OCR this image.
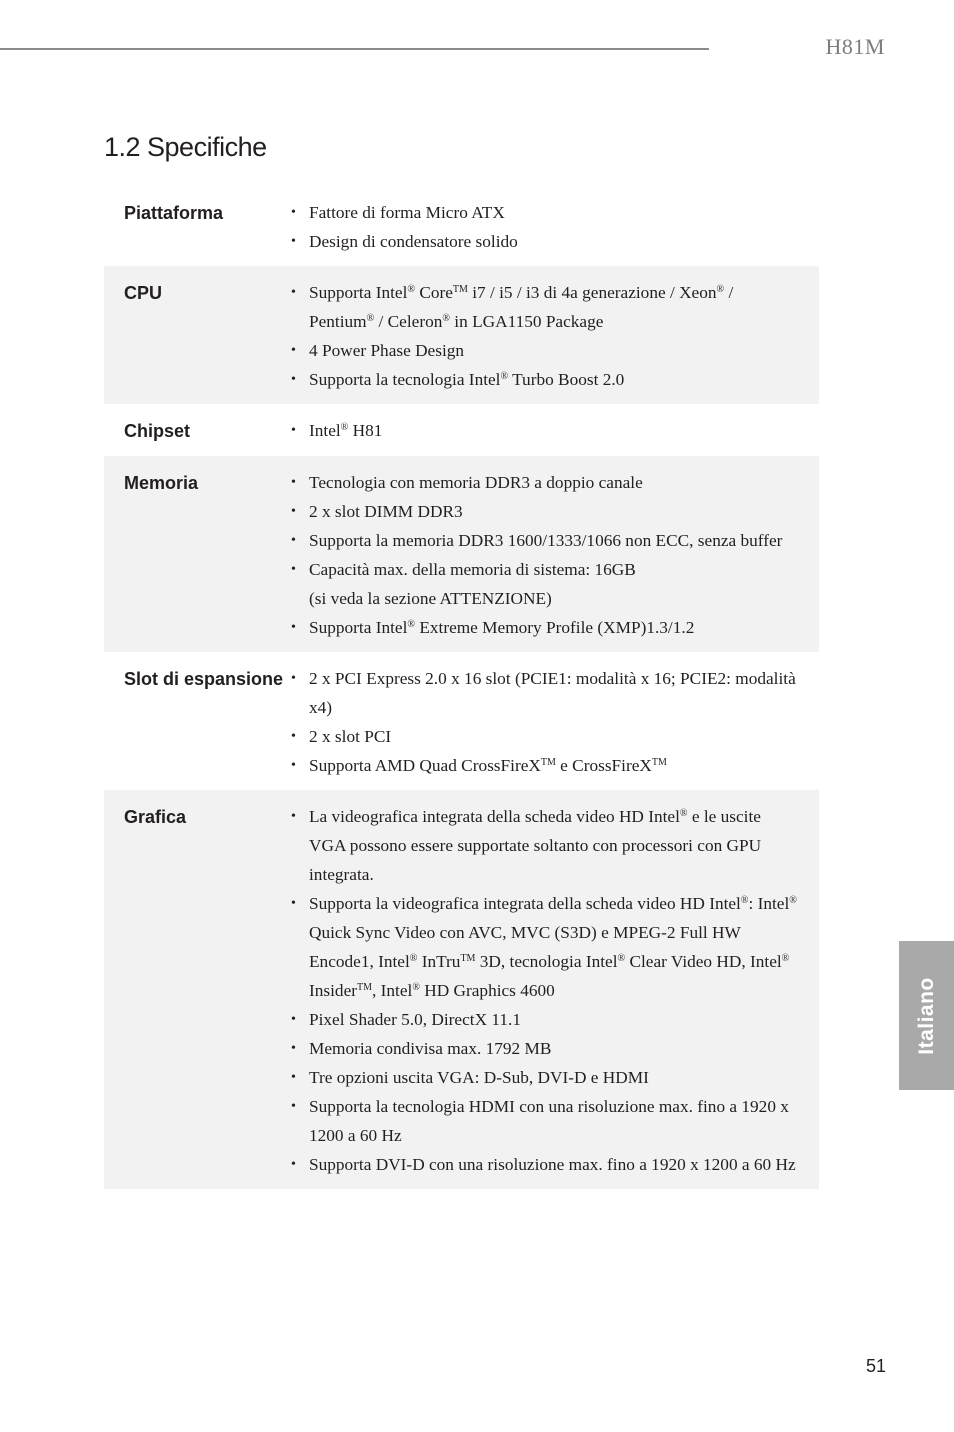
H81M
1.2 Specifiche
Piattaforma	• Fattore di forma Micro ATX
• Design di condensatore solido
CPU	• Supporta Intel® Core™ i7 / i5 / i3 di 4a generazione / Xeon® / Pentium® / Celeron® in LGA1150 Package
• 4 Power Phase Design
• Supporta la tecnologia Intel® Turbo Boost 2.0
Chipset	• Intel® H81
Memoria	• Tecnologia con memoria DDR3 a doppio canale
• 2 x slot DIMM DDR3
• Supporta la memoria DDR3 1600/1333/1066 non ECC, senza buffer
• Capacità max. della memoria di sistema: 16GB
(si veda la sezione ATTENZIONE)
• Supporta Intel® Extreme Memory Profile (XMP)1.3/1.2
Slot di espansione	• 2 x PCI Express 2.0 x 16 slot (PCIE1: modalità x 16; PCIE2: modalità x4)
• 2 x slot PCI
• Supporta AMD Quad CrossFireX™ e CrossFireX™
Grafica	• La videografica integrata della scheda video HD Intel® e le uscite VGA possono essere supportate soltanto con processori con GPU integrata.
• Supporta la videografica integrata della scheda video HD Intel®: Intel® Quick Sync Video con AVC, MVC (S3D) e MPEG-2 Full HW Encode1, Intel® InTru™ 3D, tecnologia Intel® Clear Video HD, Intel® Insider™, Intel® HD Graphics 4600
• Pixel Shader 5.0, DirectX 11.1
• Memoria condivisa max. 1792 MB
• Tre opzioni uscita VGA: D-Sub, DVI-D e HDMI
• Supporta la tecnologia HDMI con una risoluzione max. fino a 1920 x 1200 a 60 Hz
• Supporta DVI-D con una risoluzione max. fino a 1920 x 1200 a 60 Hz
Italiano
51
